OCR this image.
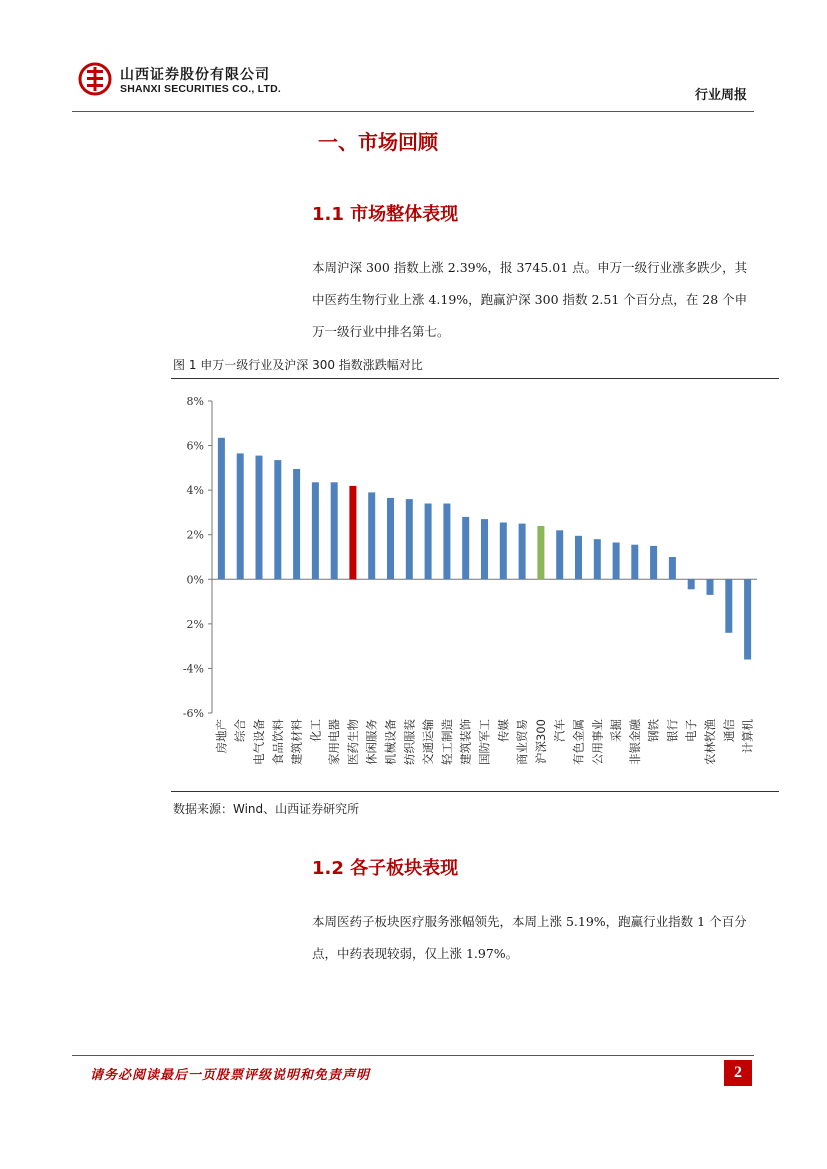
山西证券股份有限公司
SHANXI SECURITIES CO., LTD.	行业周报
一、市场回顾
1.1 市场整体表现

本周沪深 300 指数上涨 2.39%，报 3745.01 点。申万一级行业涨多跌少，其中医药生物行业上涨 4.19%，跑赢沪深 300 指数 2.51 个百分点，在 28 个申万一级行业中排名第七。

图 1 申万一级行业及沪深 300 指数涨跌幅对比
8%
6%
4%
2%
0%
2%
-4%
-6%
房地产 综合 电气设备 食品饮料 建筑材料 化工 家用电器 医药生物 休闲服务 机械设备 纺织服装 交通运输 轻工制造 建筑装饰 国防军工 传媒 商业贸易 沪深300 汽车 有色金属 公用事业 采掘 非银金融 钢铁 银行 电子 农林牧渔 通信 计算机
数据来源：Wind、山西证券研究所
1.2 各子板块表现

本周医药子板块医疗服务涨幅领先，本周上涨 5.19%，跑赢行业指数 1 个百分点，中药表现较弱，仅上涨 1.97%。

请务必阅读最后一页股票评级说明和免责声明	2
